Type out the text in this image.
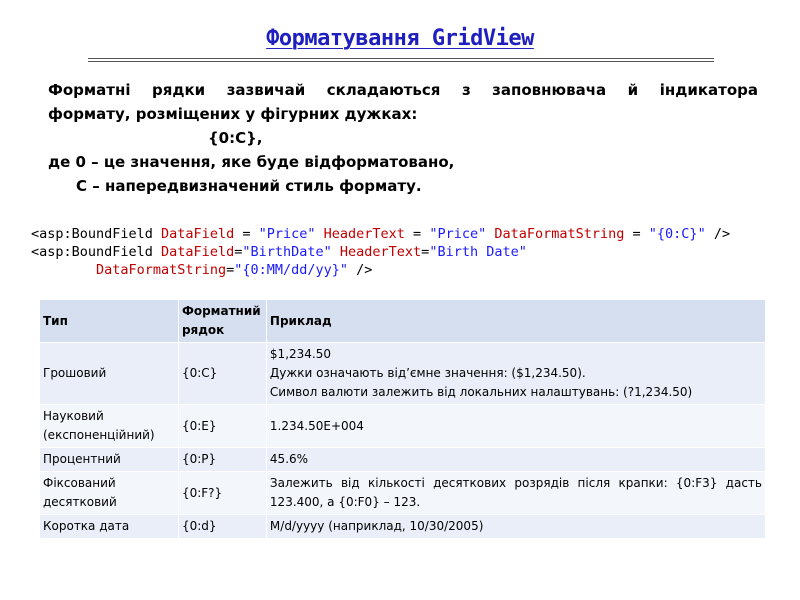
Форматування GridView
Форматні рядки зазвичай складаються з заповнювача й індикатора
формату, розміщених у фігурних дужках:
{0:C},
де 0 – це значення, яке буде відформатовано,
C – напередвизначений стиль формату.
<asp:BoundField DataField = "Price" HeaderText = "Price" DataFormatString = "{0:C}" />
<asp:BoundField DataField="BirthDate" HeaderText="Birth Date"
DataFormatString="{0:MM/dd/yy}" />
Тип	Форматний рядок	Приклад
Грошовий	{0:C}	$1,234.50
Дужки означають від’ємне значення: ($1,234.50).
Символ валюти залежить від локальних налаштувань: (?1,234.50)

Науковий (експоненційний)	{0:E}	1.234.50E+004

Процентний	{0:P}	45.6%

Фіксований десятковий	{0:F?}	Залежить від кількості десяткових розрядів після крапки: {0:F3} дасть 123.400, а {0:F0} – 123.

Коротка дата	{0:d}	M/d/yyyy (наприклад, 10/30/2005)
